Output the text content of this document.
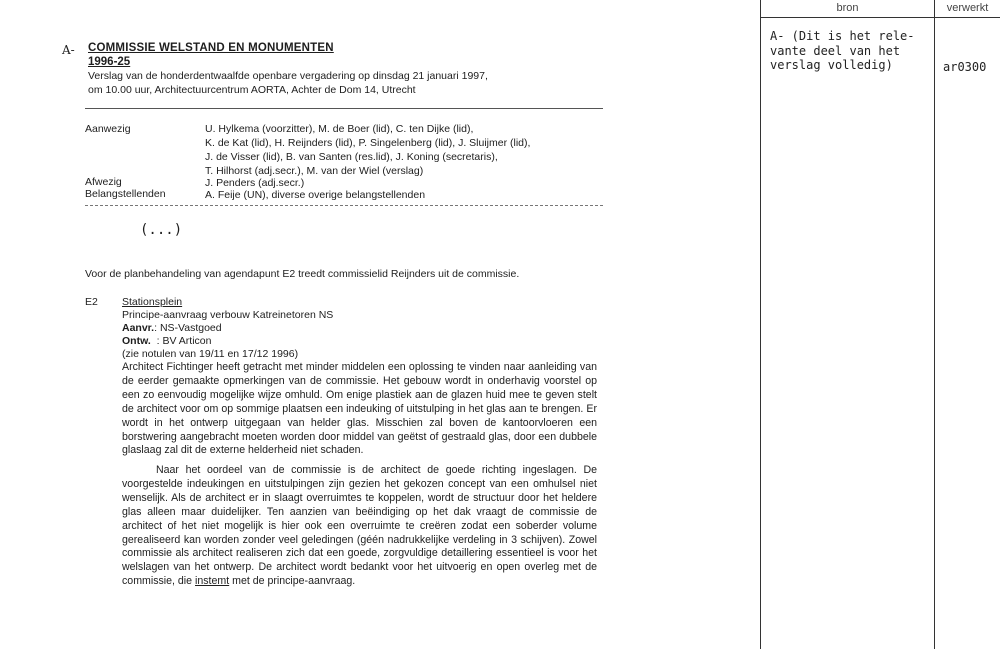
A- COMMISSIE WELSTAND EN MONUMENTEN
1996-25
Verslag van de honderdentwaalfde openbare vergadering op dinsdag 21 januari 1997,
om 10.00 uur, Architectuurcentrum AORTA, Achter de Dom 14, Utrecht
Aanwezig	U. Hylkema (voorzitter), M. de Boer (lid), C. ten Dijke (lid),
K. de Kat (lid), H. Reijnders (lid), P. Singelenberg (lid), J. Sluijmer (lid),
J. de Visser (lid), B. van Santen (res.lid), J. Koning (secretaris),
T. Hilhorst (adj.secr.), M. van der Wiel (verslag)
Afwezig	J. Penders (adj.secr.)
Belangstellenden	A. Feije (UN), diverse overige belangstellenden
(...)
Voor de planbehandeling van agendapunt E2 treedt commissielid Reijnders uit de commissie.
E2 Stationsplein
Principe-aanvraag verbouw Katreinetoren NS
Aanvr.: NS-Vastgoed
Ontw.  : BV Articon
(zie notulen van 19/11 en 17/12 1996)
Architect Fichtinger heeft getracht met minder middelen een oplossing te vinden naar aanleiding van de eerder gemaakte opmerkingen van de commissie. Het gebouw wordt in onderhavig voorstel op een zo eenvoudig mogelijke wijze omhuld. Om enige plastiek aan de glazen huid mee te geven stelt de architect voor om op sommige plaatsen een indeuking of uitstulping in het glas aan te brengen. Er wordt in het ontwerp uitgegaan van helder glas. Misschien zal boven de kantoorvloeren een borstwering aangebracht moeten worden door middel van geëtst of gestraald glas, door een dubbele glaslaag zal dit de externe helderheid niet schaden.
Naar het oordeel van de commissie is de architect de goede richting ingeslagen. De voorgestelde indeukingen en uitstulpingen zijn gezien het gekozen concept van een omhulsel niet wenselijk. Als de architect er in slaagt overruimtes te koppelen, wordt de structuur door het heldere glas alleen maar duidelijker. Ten aanzien van beëindiging op het dak vraagt de commissie de architect of het niet mogelijk is hier ook een overruimte te creëren zodat een soberder volume gerealiseerd kan worden zonder veel geledingen (géén nadrukkelijke verdeling in 3 schijven). Zowel commissie als architect realiseren zich dat een goede, zorgvuldige detaillering essentieel is voor het welslagen van het ontwerp. De architect wordt bedankt voor het uitvoerig en open overleg met de commissie, die instemt met de principe-aanvraag.
bron	verwerkt
A- (Dit is het rele-
vante deel van het
verslag volledig)	ar0300
